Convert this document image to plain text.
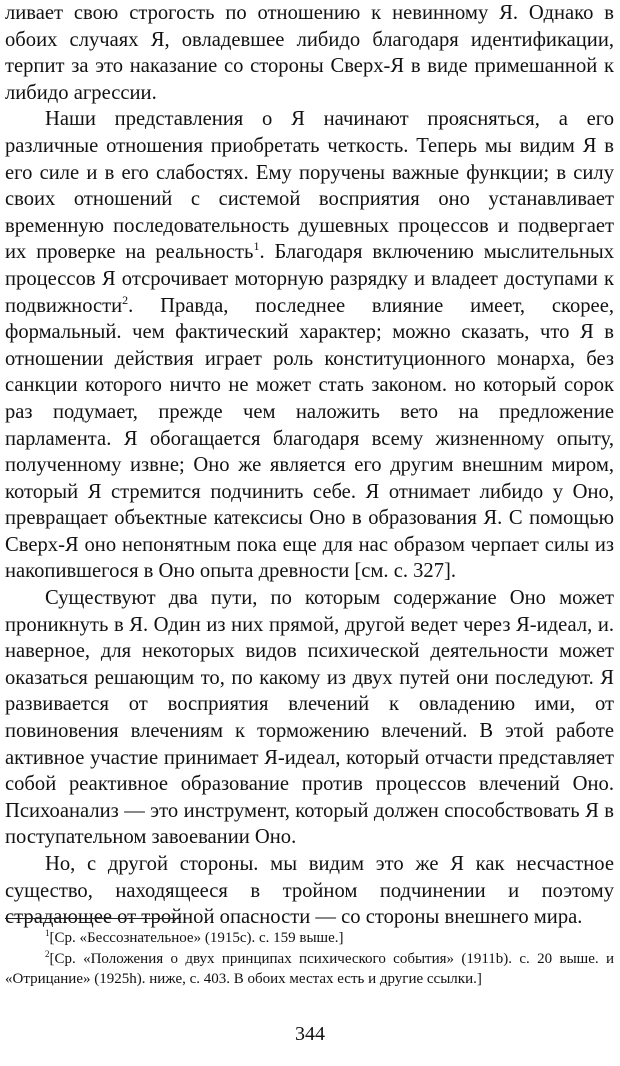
ливает свою строгость по отношению к невинному Я. Однако в обоих случаях Я, овладевшее либидо благодаря идентификации, терпит за это наказание со стороны Сверх-Я в виде примешанной к либидо агрессии.

Наши представления о Я начинают проясняться, а его различные отношения приобретать четкость. Теперь мы видим Я в его силе и в его слабостях. Ему поручены важные функции; в силу своих отношений с системой восприятия оно устанавливает временную последовательность душевных процессов и подвергает их проверке на реальность$^1$. Благодаря включению мыслительных процессов Я отсрочивает моторную разрядку и владеет доступами к подвижности$^2$. Правда, последнее влияние имеет, скорее, формальный. чем фактический характер; можно сказать, что Я в отношении действия играет роль конституционного монарха, без санкции которого ничто не может стать законом. но который сорок раз подумает, прежде чем наложить вето на предложение парламента. Я обогащается благодаря всему жизненному опыту, полученному извне; Оно же является его другим внешним миром, который Я стремится подчинить себе. Я отнимает либидо у Оно, превращает объектные катексисы Оно в образования Я. С помощью Сверх-Я оно непонятным пока еще для нас образом черпает силы из накопившегося в Оно опыта древности [см. с. 327].

Существуют два пути, по которым содержание Оно может проникнуть в Я. Один из них прямой, другой ведет через Я-идеал, и. наверное, для некоторых видов психической деятельности может оказаться решающим то, по какому из двух путей они последуют. Я развивается от восприятия влечений к овладению ими, от повиновения влечениям к торможению влечений. В этой работе активное участие принимает Я-идеал, который отчасти представляет собой реактивное образование против процессов влечений Оно. Психоанализ — это инструмент, который должен способствовать Я в поступательном завоевании Оно.

Но, с другой стороны. мы видим это же Я как несчастное существо, находящееся в тройном подчинении и поэтому страдающее от тройной опасности — со стороны внешнего мира.

$^1$[Ср. «Бессознательное» (1915с). с. 159 выше.]

$^2$[Ср. «Положения о двух принципах психического события» (1911b). с. 20 выше. и «Отрицание» (1925h). ниже, с. 403. В обоих местах есть и другие ссылки.]

344
